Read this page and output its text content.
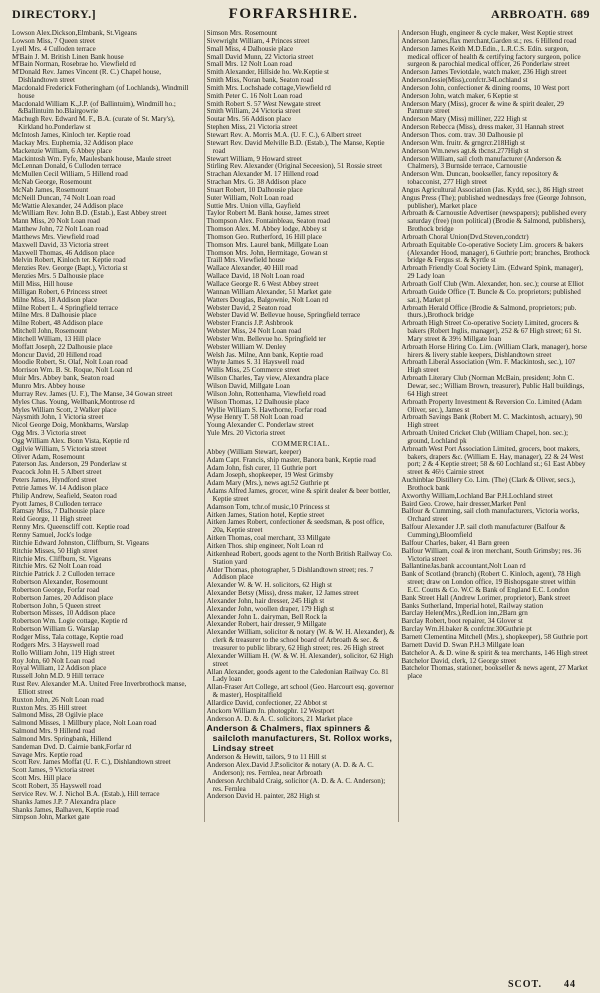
DIRECTORY.]	FORFARSHIRE.	ARBROATH. 689
Lowson Alex.Dickson,Elmbank, St.Vigeans
Lowson Miss, 7 Queen street
Lyell Mrs. 4 Culloden terrace
M'Bain J. M. British Linen Bank house
M'Bain Norman, Rosebrae ho. Viewfield rd
M'Donald Rev. James Vincent (R. C.) Chapel house, Dishlandtown street
Macdonald Frederick Fotheringham (of Lochlands), Windmill house
Macdonald William K.,J.P. (of Ballintuim), Windmill ho.; &Ballintuim ho.Blairgowrie
Machugh Rev. Edward M. F., B.A. (curate of St. Mary's), Kirkland ho.Ponderlaw st
McIntosh James, Kinloch ter. Keptie road
Mackay Mrs. Euphemia, 32 Addison place
Mackenzie William, 6 Abbey place
Mackintosh Wm. Fyfe, Maulesbank house, Maule street
McLennan Donald, 6 Culloden terrace
McMullen Cecil William, 5 Hillend road
McNab George, Rosemount
McNab James, Rosemount
McNeill Duncan, 74 Nolt Loan road
McWattie Alexander, 24 Addison place
McWilliam Rev. John B.D. (Estab.), East Abbey street
Mann Miss, 20 Nolt Loan road
Matthew John, 72 Nolt Loan road
Matthews Mrs. Viewfield road
Maxwell David, 33 Victoria street
Maxwell Thomas, 46 Addison place
Melvin Robert, Kinloch ter. Keptie road
Menzies Rev. George (Bapt.), Victoria st
Menzies Mrs. 5 Dalhousie place
Mill Miss, Hill house
Milligan Robert, 6 Princess street
Milne Miss, 18 Addison place
Milne Robert L. 4 Springfield terrace
Milne Mrs. 8 Dalhousie place
Milne Robert, 48 Addison place
Mitchell John, Rosemount
Mitchell William, 13 Hill place
Moffatt Joseph, 22 Dalhousie place
Moncur David, 20 Hillend road
Moodie Robert, St. Olaf, Nolt Loan road
Morrison Wm. B. St. Roque, Nolt Loan rd
Muir Mrs. Abbey bank, Seaton road
Munro Mrs. Abbey house
Murray Rev. James (U. F.), The Manse, 34 Gowan street
Myles Chas. Young, Wellbank,Montrose rd
Myles William Scott, 2 Walker place
Naysmith John, 1 Victoria street
Nicol George Doig, Monkbarns, Warslap
Ogg Mrs. 3 Victoria street
Ogg William Alex. Bonn Vista, Keptie rd
Ogilvie William, 5 Victoria street
Oliver Adam, Rosemount
Paterson Jas. Anderson, 29 Ponderlaw st
Peacock John H. 5 Albert street
Peters James, Hyndford street
Petrie James W. 14 Addison place
Philip Andrew, Seafield, Seaton road
Pyott James, 8 Culloden terrace
Ramsay Miss, 7 Dalhousie place
Reid George, 11 High street
Renny Mrs. Queenscliff cott. Keptie road
Renny Samuel, Jock's lodge
Ritchie Edward Johnston, Cliffburn, St. Vigeans
Ritchie Misses, 50 High street
Ritchie Mrs. Cliffburn, St. Vigeans
Ritchie Mrs. 62 Nolt Loan road
Ritchie Patrick J. 2 Culloden terrace
Robertson Alexander, Rosemount
Robertson George, Forfar road
Robertson James, 20 Addison place
Robertson John, 5 Queen street
Robertson Misses, 10 Addison place
Robertson Wm. Logie cottage, Keptie rd
Robertson William G. Warslap
Rodger Miss, Tala cottage, Keptie road
Rodgers Mrs. 3 Hayswell road
Rollo William John, 119 High street
Roy John, 60 Nolt Loan road
Royal William, 12 Addison place
Russell John M.D. 9 Hill terrace
Rust Rev. Alexander M.A. United Free Inverbrothock manse, Elliott street
Ruxton John, 26 Nolt Loan road
Ruxton Mrs. 35 Hill street
Salmond Miss, 28 Ogilvie place
Salmond Misses, 1 Millbury place, Nolt Loan road
Salmond Mrs. 9 Hillend road
Salmond Mrs. Springbank, Hillend
Sandeman Dvd. D. Cairnie bank,Forfar rd
Savage Mrs. Keptie road
Scott Rev. James Moffat (U. F. C.), Dishlandtown street
Scott James, 9 Victoria street
Scott Mrs. Hill place
Scott Robert, 35 Hayswell road
Service Rev. W. J. Nichol B.A. (Estab.), Hill terrace
Shanks James J.P. 7 Alexandra place
Shanks James, Balhaven, Keptie road
Simpson John, Market gate
Simson Mrs. Rosemount
Sivewright William, 4 Princes street
Small Miss, 4 Dalhousie place
Small David Munn, 22 Victoria street
Small Mrs. 12 Nolt Loan road
Smith Alexander, Hillside ho. We.Keptie st
Smith Miss, Noran bank, Seaton road
Smith Mrs. Lochshade cottage,Viewfield rd
Smith Peter C. 16 Nolt Loan road
Smith Robert S. 57 West Newgate street
Smith William, 24 Victoria street
Soutar Mrs. 56 Addison place
Stephen Miss, 21 Victoria street
Stewart Rev. A. Morris M.A. (U. F. C.), 6 Albert street
Stewart Rev. David Melville B.D. (Estab.), The Manse, Keptie road
Stewart William, 9 Howard street
Stirling Rev. Alexander (Original Seceesion), 51 Rossie street
Strachan Alexander M. 17 Hillend road
Strachan Mrs. G. 38 Addison place
Stuart Robert, 10 Dalhousie place
Suter William, Nolt Loan road
Suttie Mrs. Union villa, Gayfield
Taylor Robert M. Bank house, James street
Thompson Alex. Fontainbleau, Seaton road
Thomson Alex. M. Abbey lodge, Abbey st
Thomson Geo. Rutherford, 16 Hill place
Thomson Mrs. Laurel bank, Millgate Loan
Thomson Mrs. John, Hermitage, Gowan st
Traill Mrs. Viewfield house
Wallace Alexander, 40 Hill road
Wallace David, 18 Nolt Loan road
Wallace George R. 6 West Abbey street
Wannan William Alexander, 51 Market gate
Watters Douglas, Balgownie, Nolt Loan rd
Webster David, 2 Seaton road
Webster David W. Bellevue house, Springfield terrace
Webster Francis J.P. Ashbrook
Webster Miss, 24 Nolt Loan road
Webster Wm. Bellevue ho. Springfield ter
Webster William W. Denley
Welsh Jas. Milne, Ann bank, Keptie road
Whyte James S. 31 Hayswell road
Willis Miss, 25 Commerce street
Wilson Charles, Tay view, Alexandra place
Wilson David, Millgate Loan
Wilson John, Rottenhama, Viewfield road
Wilson Thomas, 12 Dalhousie place
Wyllie William S. Hawthorne, Forfar road
Wyse Henry T. 58 Nolt Loan road
Young Alexander C. Ponderlaw street
Yule Mrs. 20 Victoria street
COMMERCIAL.
Abbey (William Stewart, keeper)
Adam Capt. Francis, ship master, Banora bank, Keptie road
Adam John, fish curer, 11 Guthrie port
Adam Joseph, shopkeeper, 19 West Grimsby
Adam Mary (Mrs.), news agt.52 Guthrie pt
Adams Alfred James, grocer, wine & spirit dealer & beer bottler, Keptie street
Adamson Tom, tchr.of music,10 Princess st
Aitken James, Station hotel, Keptie street
Aitken James Robert, confectioner & seedsman, & post office, 20a, Keptie street
Aitken Thomas, coal merchant, 33 Millgate
Aitken Thos. ship engineer, Nolt Loan rd
Aitkenhead Robert, goods agent to the North British Railway Co. Station yard
Alder Thomas, photographer, 5 Dishlandtown street; res. 7 Addison place
Alexander W. & W. H. solicitors, 62 High st
Alexander Betsy (Miss), dress maker, 12 James street
Alexander John, hair dresser, 245 High st
Alexander John, woollen draper, 179 High st
Alexander John L. dairyman, Bell Rock la
Alexander Robert, hair dresser, 9 Millgate
Alexander William, solicitor & notary (W. & W. H. Alexander), & clerk & treasurer to the school board of Arbroath & sec. & treasurer to public library, 62 High street; res. 26 High street
Alexander William H. (W. & W. H. Alexander), solicitor, 62 High street
Allan Alexander, goods agent to the Caledonian Railway Co. 81 Lady loan
Allan-Fraser Art College, art school (Geo. Harcourt esq. governor & master), Hospitalfield
Allardice David, confectioner, 22 Abbot st
Anckorn William Jn. photogphr. 12 Westport
Anderson A. D. & A. C. solicitors, 21 Market place
Anderson & Chalmers, flax spinners & sailcloth manufacturers, St. Rollox works, Lindsay street
Anderson & Hewitt, tailors, 9 to 11 Hill st
Anderson Alex.David J.P.solicitor & notary (A. D. & A. C. Anderson); res. Fernlea, near Arbroath
Anderson Archibald Craig, solicitor (A. D. & A. C. Anderson); res. Fernlea
Anderson David H. painter, 282 High st
Anderson Hugh, engineer & cycle maker, West Keptie street
Anderson James,flax merchant,Garden st.; res. 6 Hillend road
Anderson James Keith M.D.Edin., L.R.C.S. Edin. surgeon, medical officer of health & certifying factory surgeon, police surgeon & parochial medical officer, 26 Ponderlaw street
Anderson James Teviotdale, watch maker, 236 High street
AndersonJessie(Miss),confctr.34Lochland st
Anderson John, confectioner & dining rooms, 10 West port
Anderson John, watch maker, 6 Keptie st
Anderson Mary (Miss), grocer & wine & spirit dealer, 29 Panmure street
Anderson Mary (Miss) milliner, 222 High st
Anderson Rebecca (Miss), dress maker, 31 Hannah street
Anderson Thos. com. trav. 30 Dalhousie pl
Anderson Wm. fruitr. & grngrcr.218High st
Anderson Wm.news agt.& tbcnst.277High st
Anderson William, sail cloth manufacturer (Anderson & Chalmers), 3 Burnside terrace, Carnoustie
Anderson Wm. Duncan, bookseller, fancy repository & tobacconist, 277 High street
Angus Agricultural Association (Jas. Kydd, sec.), 86 High street
Angus Press (The); published wednesdays free (George Johnson, publisher), Market place
Arbroath & Carnoustie Advertiser (newspapers); published every saturday (free) (non political) (Brodie & Salmond, publishers), Brothock bridge
Arbroath Choral Union(Dvd.Steven,condctr)
Arbroath Equitable Co-operative Society Lim. grocers & bakers (Alexander Hood, manager), 6 Guthrie port; branches, Brothock bridge & Fergus st. & Kyrtle st
Arbroath Friendly Coal Society Lim. (Edward Spink, manager), 29 Lady loan
Arbroath Golf Club (Wm. Alexander, hon. sec.); course at Elliot
Arbroath Guide Office (T. Buncle & Co. proprietors; published sat.), Market pl
Arbroath Herald Office (Brodie & Salmond, proprietors; pub. thurs.),Brothock bridge
Arbroath High Street Co-operative Society Limited, grocers & bakers (Robert Inglis, manager), 252 & 67 High street; 61 St. Mary street & 39½ Millgate loan
Arbroath Horse Hiring Co. Lim. (William Clark, manager), horse hirers & livery stable keepers, Dishlandtown street
Arbroath Liberal Association (Wm. F. Mackintosh, sec.), 107 High street
Arbroath Literary Club (Norman McBain, president; John C. Dewar, sec.; William Brown, treasurer), Public Hall buildings, 64 High street
Arbroath Property Investment & Reversion Co. Limited (Adam Oliver, sec.), James st
Arbroath Savings Bank (Robert M. C. Mackintosh, actuary), 90 High street
Arbroath United Cricket Club (William Chapel, hon. sec.); ground, Lochland pk
Arbroath West Port Association Limited, grocers, boot makers, bakers, drapers &c. (William E. Hay, manager), 22 & 24 West port; 2 & 4 Keptie street; 58 & 60 Lochland st.; 61 East Abbey street & 46½ Cairnie street
Auchinblae Distillery Co. Lim. (The) (Clark & Oliver, secs.), Brothock bank
Axworthy William,Lochland Bar P.H.Lochland street
Baird Geo. Crowe, hair dresser,Market Penl
Balfour & Cumming, sail cloth manufacturers, Victoria works, Orchard street
Balfour Alexander J.P. sail cloth manufacturer (Balfour & Cumming),Bloomfield
Balfour Charles, baker, 41 Barn green
Balfour William, coal & iron merchant, South Grimsby; res. 36 Victoria street
BallantineJas.bank accountant,Nolt Loan rd
Bank of Scotland (branch) (Robert C. Kinloch, agent), 78 High street; draw on London office, 19 Bishopsgate street within E.C. Coutts & Co. W.C & Bank of England E.C. London
Bank Street Hall (Andrew Lorimer, proprietor), Bank street
Banks Sutherland, Imperial hotel, Railway station
Barclay Helen(Mrs.),RedLion inn,2Barn grn
Barclay Robert, boot repairer, 34 Glover st
Barclay Wm.H.baker & confctnr.30Guthrie pt
Barnett Clementina Mitchell (Mrs.), shopkeeper), 58 Guthrie port
Barnett David D. Swan P.H.3 Millgate loan
Batchelor A. & D. wine & spirit & tea merchants, 146 High street
Batchelor David, clerk, 12 George street
Batchelor Thomas, stationer, bookseller & news agent, 27 Market place
SCOT. 44
